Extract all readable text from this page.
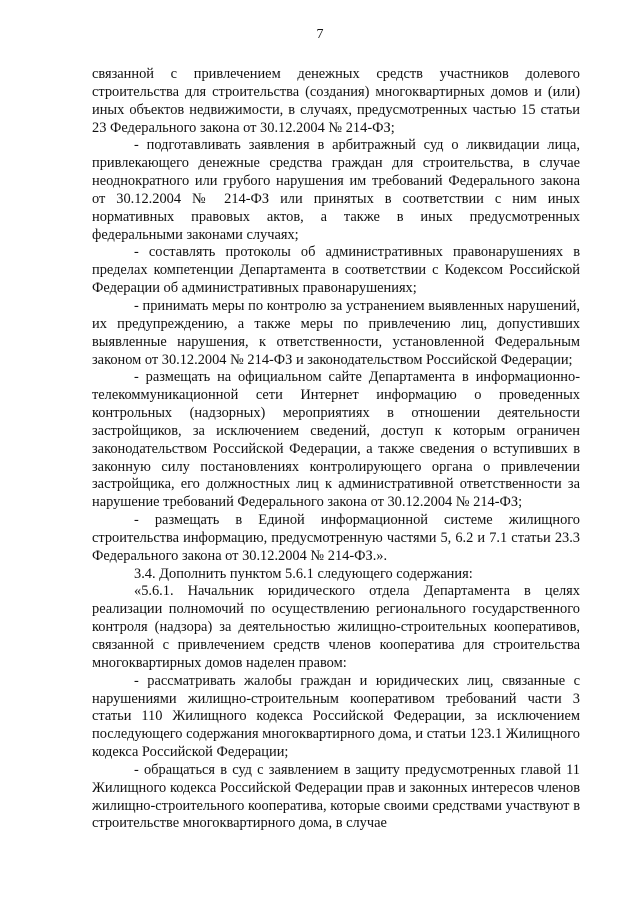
7

связанной с привлечением денежных средств участников долевого строительства для строительства (создания) многоквартирных домов и (или) иных объектов недвижимости, в случаях, предусмотренных частью 15 статьи 23 Федерального закона от 30.12.2004 № 214-ФЗ;

- подготавливать заявления в арбитражный суд о ликвидации лица, привлекающего денежные средства граждан для строительства, в случае неоднократного или грубого нарушения им требований Федерального закона от 30.12.2004 № 214-ФЗ или принятых в соответствии с ним иных нормативных правовых актов, а также в иных предусмотренных федеральными законами случаях;

- составлять протоколы об административных правонарушениях в пределах компетенции Департамента в соответствии с Кодексом Российской Федерации об административных правонарушениях;

- принимать меры по контролю за устранением выявленных нарушений, их предупреждению, а также меры по привлечению лиц, допустивших выявленные нарушения, к ответственности, установленной Федеральным законом от 30.12.2004 № 214-ФЗ и законодательством Российской Федерации;

- размещать на официальном сайте Департамента в информационно-телекоммуникационной сети Интернет информацию о проведенных контрольных (надзорных) мероприятиях в отношении деятельности застройщиков, за исключением сведений, доступ к которым ограничен законодательством Российской Федерации, а также сведения о вступивших в законную силу постановлениях контролирующего органа о привлечении застройщика, его должностных лиц к административной ответственности за нарушение требований Федерального закона от 30.12.2004 № 214-ФЗ;

- размещать в Единой информационной системе жилищного строительства информацию, предусмотренную частями 5, 6.2 и 7.1 статьи 23.3 Федерального закона от 30.12.2004 № 214-ФЗ.».

3.4. Дополнить пунктом 5.6.1 следующего содержания:

«5.6.1. Начальник юридического отдела Департамента в целях реализации полномочий по осуществлению регионального государственного контроля (надзора) за деятельностью жилищно-строительных кооперативов, связанной с привлечением средств членов кооператива для строительства многоквартирных домов наделен правом:

- рассматривать жалобы граждан и юридических лиц, связанные с нарушениями жилищно-строительным кооперативом требований части 3 статьи 110 Жилищного кодекса Российской Федерации, за исключением последующего содержания многоквартирного дома, и статьи 123.1 Жилищного кодекса Российской Федерации;

- обращаться в суд с заявлением в защиту предусмотренных главой 11 Жилищного кодекса Российской Федерации прав и законных интересов членов жилищно-строительного кооператива, которые своими средствами участвуют в строительстве многоквартирного дома, в случае
